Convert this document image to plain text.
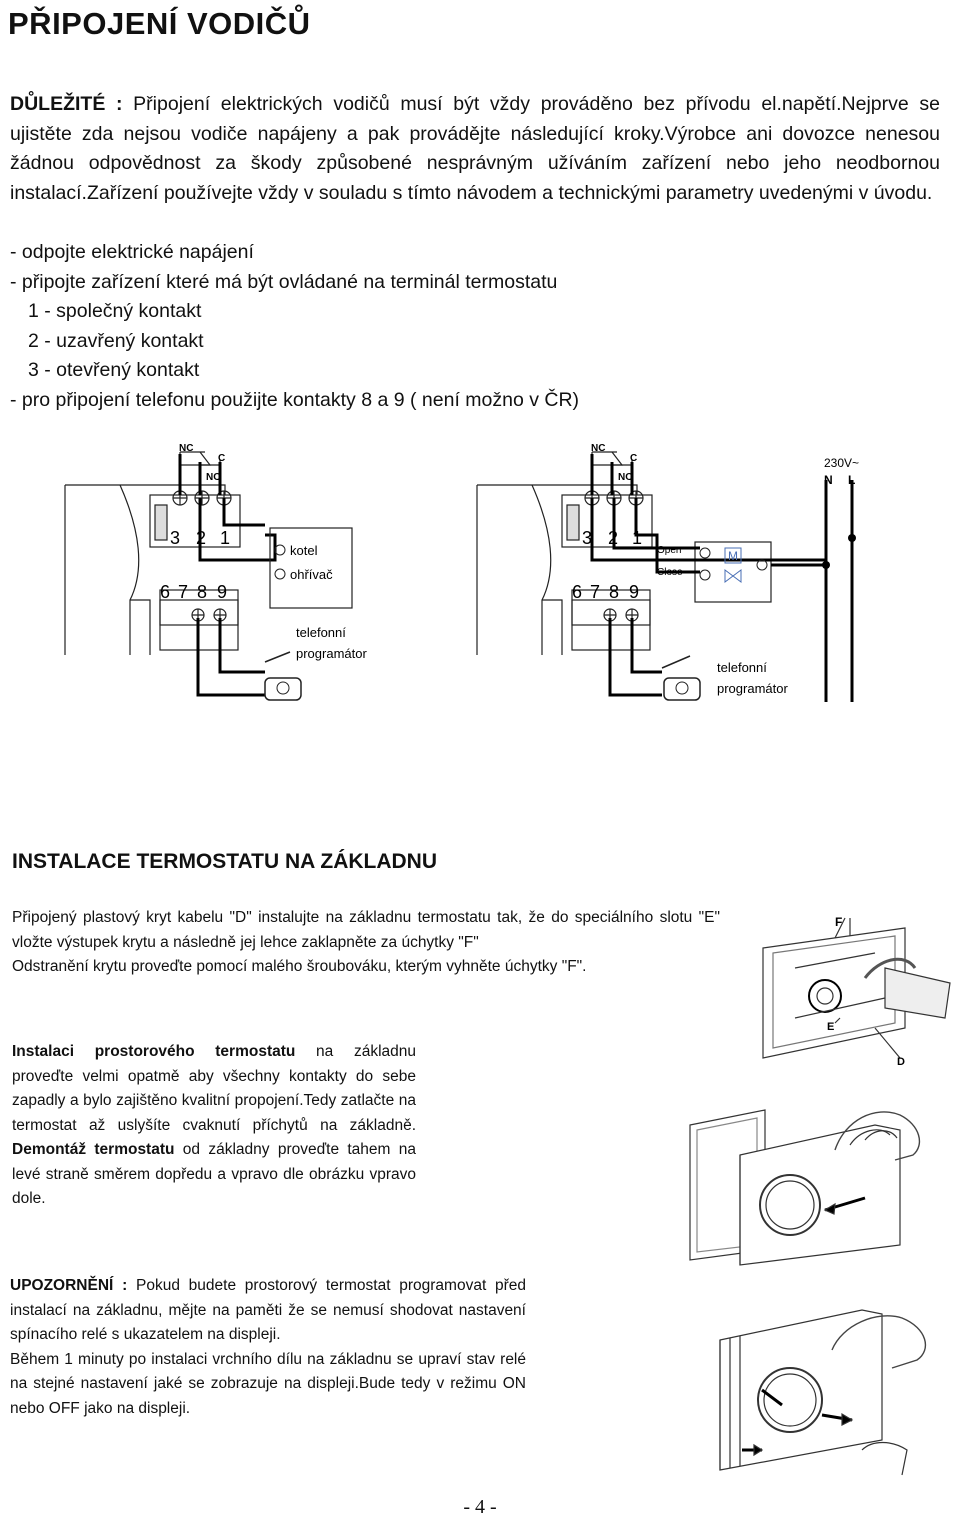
PŘIPOJENÍ VODIČŮ
DŮLEŽITÉ : Připojení elektrických vodičů musí být vždy prováděno bez přívodu el.napětí.Nejprve se ujistěte zda nejsou vodiče napájeny a pak provádějte následující kroky.Výrobce ani dovozce nenesou žádnou odpovědnost za škody způsobené nesprávným užíváním zařízení nebo jeho neodbornou instalací.Zařízení používejte vždy v souladu s tímto návodem a technickými parametry uvedenými v úvodu.
- odpojte elektrické napájení
- připojte zařízení které má být ovládané na terminál termostatu
1 - společný kontakt
2 - uzavřený kontakt
3 - otevřený kontakt
- pro připojení telefonu použijte kontakty 8 a 9 ( není možno v ČR)
NC
C
NO
3 2 1
6 7 8 9
kotel
ohřívač
telefonní
programátor
NC
C
NO
3 2 1
6 7 8 9
230V~
N L
Open
Close
M
telefonní
programátor
INSTALACE TERMOSTATU NA ZÁKLADNU
Připojený plastový kryt kabelu "D" instalujte na základnu termostatu tak, že do speciálního slotu "E" vložte výstupek krytu a následně jej lehce zaklapněte za úchytky "F"
Odstranění krytu proveďte pomocí malého šroubováku, kterým vyhněte úchytky "F".
F
E
D
Instalaci prostorového termostatu na základnu proveďte velmi opatmě aby všechny kontakty do sebe zapadly a bylo zajištěno kvalitní propojení.Tedy zatlačte na termostat až uslyšíte cvaknutí příchytů na základně. Demontáž termostatu od základny proveďte tahem na levé straně směrem dopředu a vpravo dle obrázku vpravo dole.
UPOZORNĚNÍ : Pokud budete prostorový termostat programovat před instalací na základnu, mějte na paměti že se nemusí shodovat nastavení spínacího relé s ukazatelem na displeji.
Během 1 minuty po instalaci vrchního dílu na základnu se upraví stav relé na stejné nastavení jaké se zobrazuje na displeji.Bude tedy v režimu ON nebo OFF jako na displeji.
- 4 -
